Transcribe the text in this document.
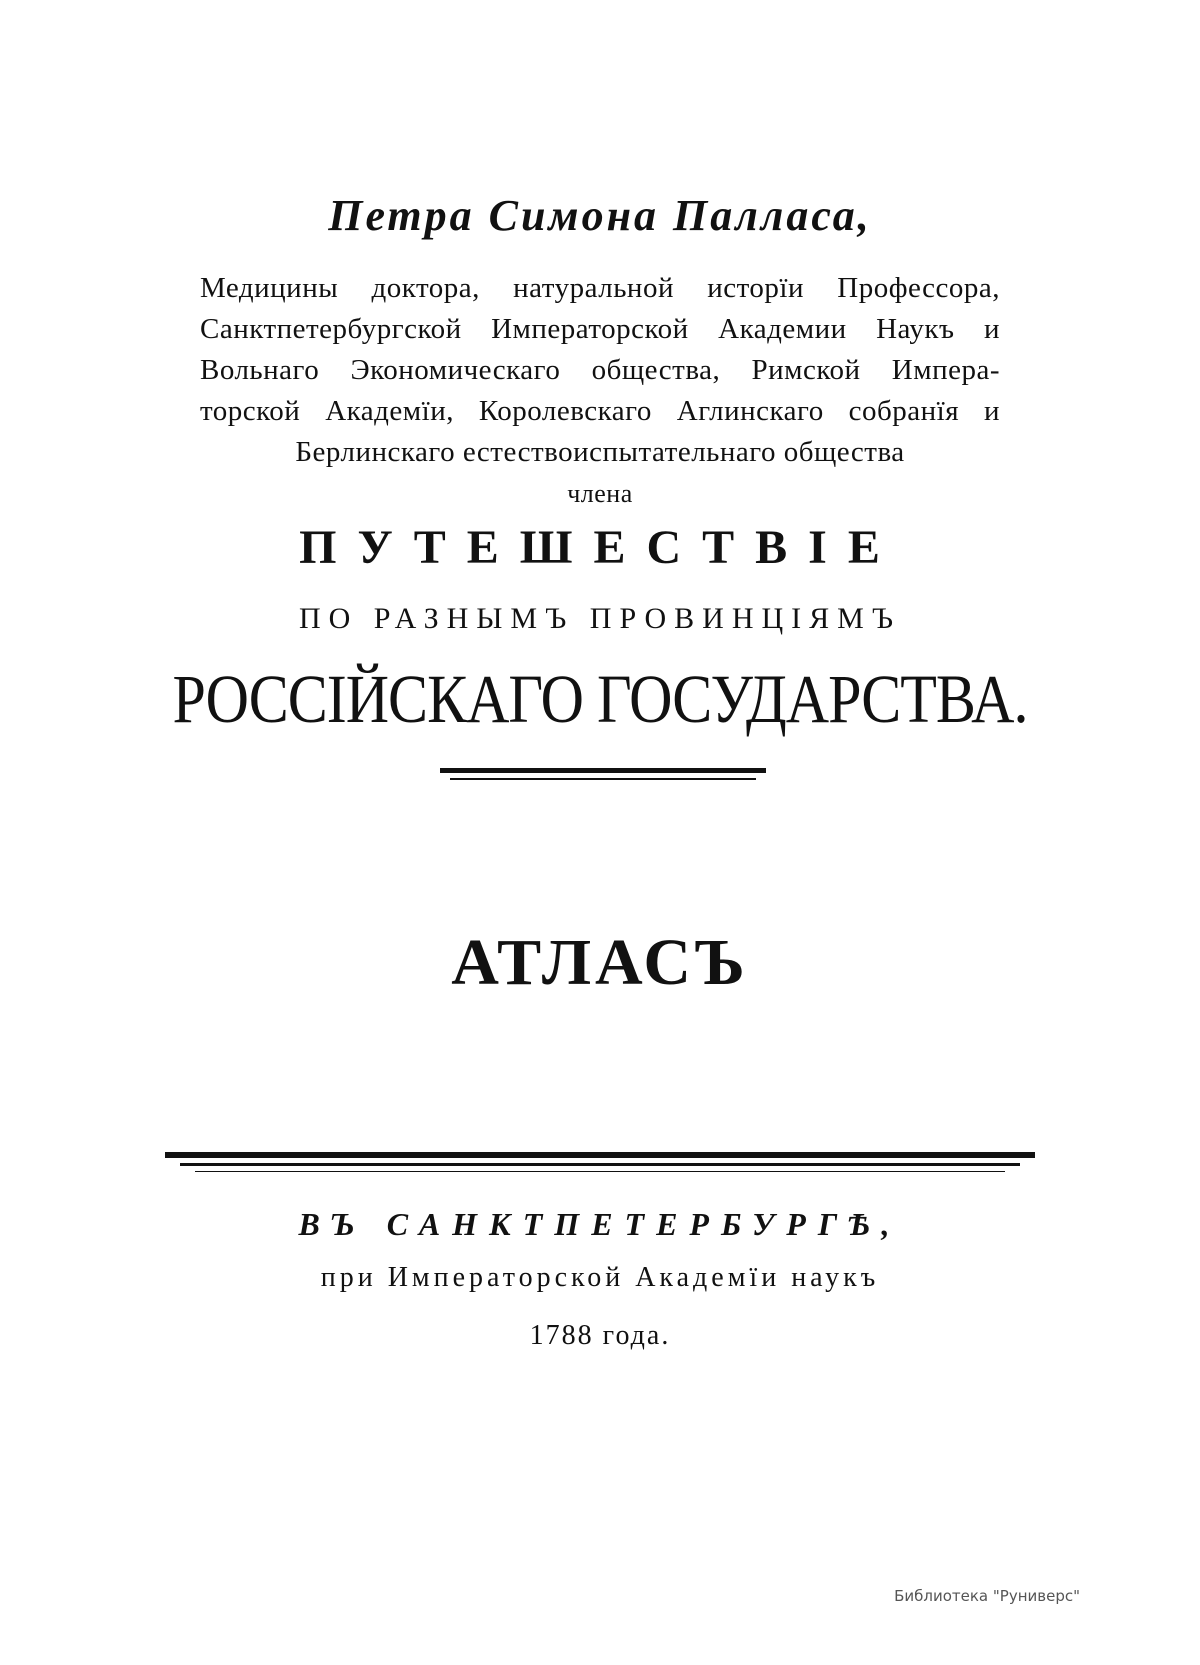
Петра Симона Палласа,
Медицины доктора, натуральной исторїи Профессора,
Санктпетербургской Императорской Академии Наукъ и
Вольнаго Экономическаго общества, Римской Импера-
торской Академїи, Королевскаго Аглинскаго собранїя и
Берлинскаго естествоиспытательнаго общества
члена
ПУТЕШЕСТВIЕ
ПО РАЗНЫМЪ ПРОВИНЦIЯМЪ
РОССIЙСКАГО ГОСУДАРСТВА.
АТЛАСЪ
ВЪ САНКТПЕТЕРБУРГѢ,
при Императорской Академїи наукъ
1788 года.
Библиотека "Руниверс"
